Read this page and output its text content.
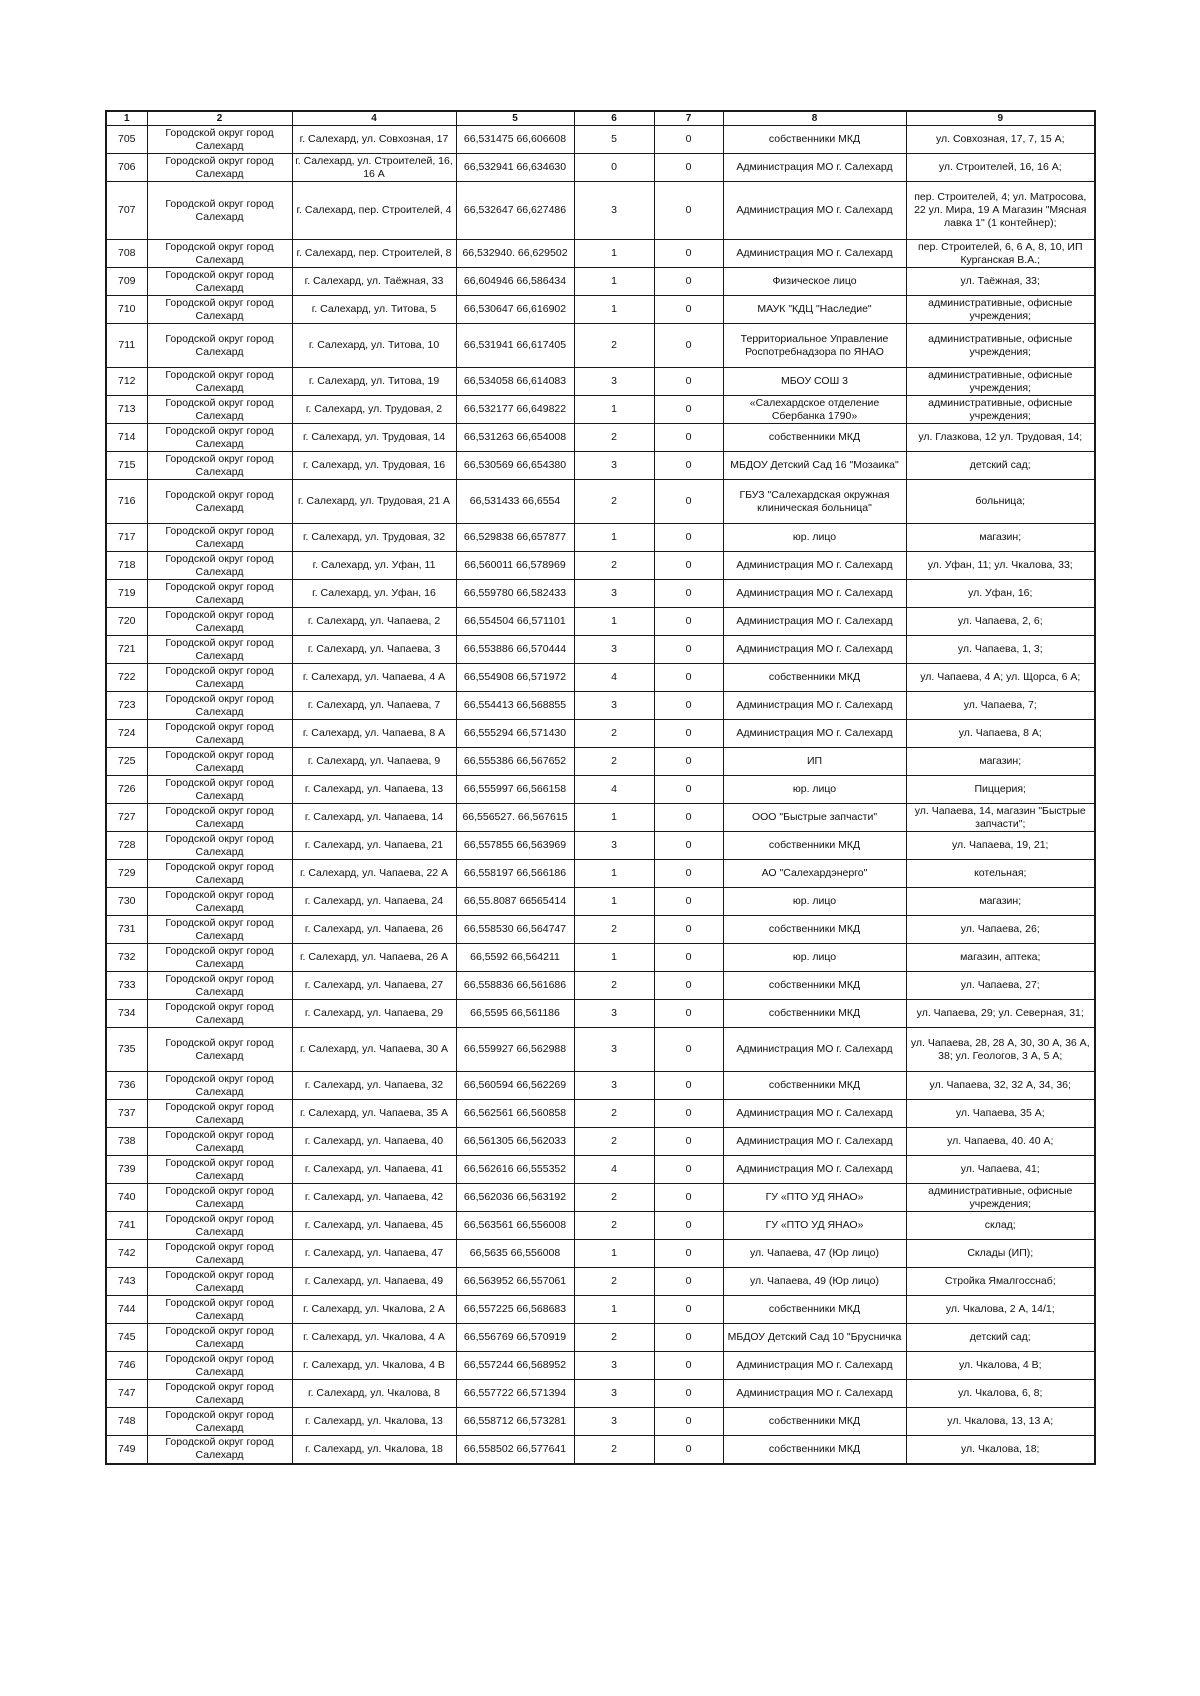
1	2	4	5	6	7	8	9
705	Городской округ город Салехард	г. Салехард, ул. Совхозная, 17	66,531475 66,606608	5	0	собственники МКД	ул. Совхозная, 17, 7, 15 А;
706	Городской округ город Салехард	г. Салехард, ул. Строителей, 16, 16 А	66,532941 66,634630	0	0	Администрация МО г. Салехард	ул. Строителей, 16, 16 А;
707	Городской округ город Салехард	г. Салехард, пер. Строителей, 4	66,532647 66,627486	3	0	Администрация МО г. Салехард	пер. Строителей, 4; ул. Матросова, 22 ул. Мира, 19 А Магазин "Мясная лавка 1" (1 контейнер);
708	Городской округ город Салехард	г. Салехард, пер. Строителей, 8	66,532940. 66,629502	1	0	Администрация МО г. Салехард	пер. Строителей, 6, 6 А, 8, 10, ИП Курганская В.А.;
709	Городской округ город Салехард	г. Салехард, ул. Таёжная, 33	66,604946 66,586434	1	0	Физическое лицо	ул. Таёжная, 33;
710	Городской округ город Салехард	г. Салехард, ул. Титова, 5	66,530647 66,616902	1	0	МАУК "КДЦ "Наследие"	административные, офисные учреждения;
711	Городской округ город Салехард	г. Салехард, ул. Титова, 10	66,531941 66,617405	2	0	Территориальное Управление Роспотребнадзора по ЯНАО	административные, офисные учреждения;
712	Городской округ город Салехард	г. Салехард, ул. Титова, 19	66,534058 66,614083	3	0	МБОУ СОШ 3	административные, офисные учреждения;
713	Городской округ город Салехард	г. Салехард, ул. Трудовая, 2	66,532177 66,649822	1	0	«Салехардское отделение Сбербанка 1790»	административные, офисные учреждения;
714	Городской округ город Салехард	г. Салехард, ул. Трудовая, 14	66,531263 66,654008	2	0	собственники МКД	ул. Глазкова, 12 ул. Трудовая, 14;
715	Городской округ город Салехард	г. Салехард, ул. Трудовая, 16	66,530569 66,654380	3	0	МБДОУ Детский Сад 16 "Мозаика"	детский сад;
716	Городской округ город Салехард	г. Салехард, ул. Трудовая, 21 А	66,531433 66,6554	2	0	ГБУЗ "Салехардская окружная клиническая больница"	больница;
717	Городской округ город Салехард	г. Салехард, ул. Трудовая, 32	66,529838 66,657877	1	0	юр. лицо	магазин;
718	Городской округ город Салехард	г. Салехард, ул. Уфан, 11	66,560011 66,578969	2	0	Администрация МО г. Салехард	ул. Уфан, 11; ул. Чкалова, 33;
719	Городской округ город Салехард	г. Салехард, ул. Уфан, 16	66,559780 66,582433	3	0	Администрация МО г. Салехард	ул. Уфан, 16;
720	Городской округ город Салехард	г. Салехард, ул. Чапаева, 2	66,554504 66,571101	1	0	Администрация МО г. Салехард	ул. Чапаева, 2, 6;
721	Городской округ город Салехард	г. Салехард, ул. Чапаева, 3	66,553886 66,570444	3	0	Администрация МО г. Салехард	ул. Чапаева, 1, 3;
722	Городской округ город Салехард	г. Салехард, ул. Чапаева, 4 А	66,554908 66,571972	4	0	собственники МКД	ул. Чапаева, 4 А; ул. Щорса, 6 А;
723	Городской округ город Салехард	г. Салехард, ул. Чапаева, 7	66,554413 66,568855	3	0	Администрация МО г. Салехард	ул. Чапаева, 7;
724	Городской округ город Салехард	г. Салехард, ул. Чапаева, 8 А	66,555294 66,571430	2	0	Администрация МО г. Салехард	ул. Чапаева, 8 А;
725	Городской округ город Салехард	г. Салехард, ул. Чапаева, 9	66,555386 66,567652	2	0	ИП	магазин;
726	Городской округ город Салехард	г. Салехард, ул. Чапаева, 13	66,555997 66,566158	4	0	юр. лицо	Пиццерия;
727	Городской округ город Салехард	г. Салехард, ул. Чапаева, 14	66,556527. 66,567615	1	0	ООО "Быстрые запчасти"	ул. Чапаева, 14, магазин "Быстрые запчасти";
728	Городской округ город Салехард	г. Салехард, ул. Чапаева, 21	66,557855 66,563969	3	0	собственники МКД	ул. Чапаева, 19, 21;
729	Городской округ город Салехард	г. Салехард, ул. Чапаева, 22 А	66,558197 66,566186	1	0	АО "Салехардэнерго"	котельная;
730	Городской округ город Салехард	г. Салехард, ул. Чапаева, 24	66,55.8087 66565414	1	0	юр. лицо	магазин;
731	Городской округ город Салехард	г. Салехард, ул. Чапаева, 26	66,558530 66,564747	2	0	собственники МКД	ул. Чапаева, 26;
732	Городской округ город Салехард	г. Салехард, ул. Чапаева, 26 А	66,5592 66,564211	1	0	юр. лицо	магазин, аптека;
733	Городской округ город Салехард	г. Салехард, ул. Чапаева, 27	66,558836 66,561686	2	0	собственники МКД	ул. Чапаева, 27;
734	Городской округ город Салехард	г. Салехард, ул. Чапаева, 29	66,5595 66,561186	3	0	собственники МКД	ул. Чапаева, 29; ул. Северная, 31;
735	Городской округ город Салехард	г. Салехард, ул. Чапаева, 30 А	66,559927 66,562988	3	0	Администрация МО г. Салехард	ул. Чапаева, 28, 28 А, 30, 30 А, 36 А, 38; ул. Геологов, 3 А, 5 А;
736	Городской округ город Салехард	г. Салехард, ул. Чапаева, 32	66,560594 66,562269	3	0	собственники МКД	ул. Чапаева, 32, 32 А, 34, 36;
737	Городской округ город Салехард	г. Салехард, ул. Чапаева, 35 А	66,562561 66,560858	2	0	Администрация МО г. Салехард	ул. Чапаева, 35 А;
738	Городской округ город Салехард	г. Салехард, ул. Чапаева, 40	66,561305 66,562033	2	0	Администрация МО г. Салехард	ул. Чапаева, 40. 40 А;
739	Городской округ город Салехард	г. Салехард, ул. Чапаева, 41	66,562616 66,555352	4	0	Администрация МО г. Салехард	ул. Чапаева, 41;
740	Городской округ город Салехард	г. Салехард, ул. Чапаева, 42	66,562036 66,563192	2	0	ГУ «ПТО УД ЯНАО»	административные, офисные учреждения;
741	Городской округ город Салехард	г. Салехард, ул. Чапаева, 45	66,563561 66,556008	2	0	ГУ «ПТО УД ЯНАО»	склад;
742	Городской округ город Салехард	г. Салехард, ул. Чапаева, 47	66,5635 66,556008	1	0	ул. Чапаева, 47 (Юр лицо)	Склады (ИП);
743	Городской округ город Салехард	г. Салехард, ул. Чапаева, 49	66,563952 66,557061	2	0	ул. Чапаева, 49 (Юр лицо)	Стройка Ямалгосснаб;
744	Городской округ город Салехард	г. Салехард, ул. Чкалова, 2 А	66,557225 66,568683	1	0	собственники МКД	ул. Чкалова, 2 А, 14/1;
745	Городской округ город Салехард	г. Салехард, ул. Чкалова, 4 А	66,556769 66,570919	2	0	МБДОУ Детский Сад 10 "Брусничка	детский сад;
746	Городской округ город Салехард	г. Салехард, ул. Чкалова, 4 В	66,557244 66,568952	3	0	Администрация МО г. Салехард	ул. Чкалова, 4 В;
747	Городской округ город Салехард	г. Салехард, ул. Чкалова, 8	66,557722 66,571394	3	0	Администрация МО г. Салехард	ул. Чкалова, 6, 8;
748	Городской округ город Салехард	г. Салехард, ул. Чкалова, 13	66,558712 66,573281	3	0	собственники МКД	ул. Чкалова, 13, 13 А;
749	Городской округ город Салехард	г. Салехард, ул. Чкалова, 18	66,558502 66,577641	2	0	собственники МКД	ул. Чкалова, 18;
